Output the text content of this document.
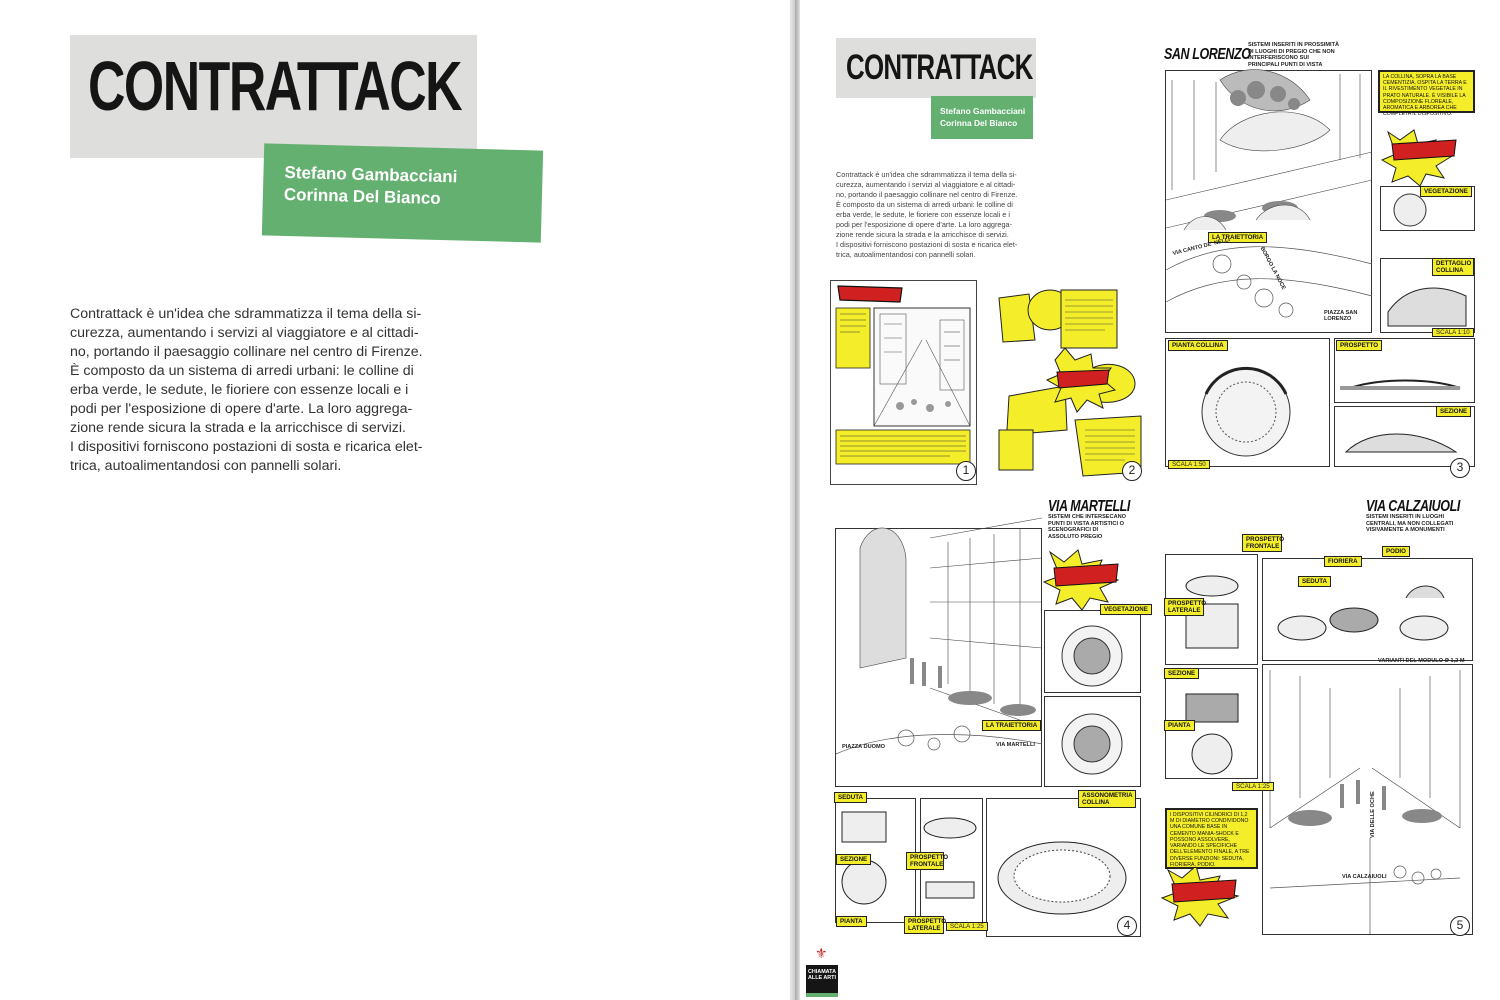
CONTRATTACK
Stefano Gambacciani
Corinna Del Bianco

Contrattack è un'idea che sdrammatizza il tema della si-

curezza, aumentando i servizi al viaggiatore e al cittadi-

no, portando il paesaggio collinare nel centro di Firenze.

È composto da un sistema di arredi urbani: le colline di

erba verde, le sedute, le fioriere con essenze locali e i

podi per l'esposizione di opere d'arte. La loro aggrega-

zione rende sicura la strada e la arricchisce di servizi.

I dispositivi forniscono postazioni di sosta e ricarica elet-

trica, autoalimentandosi con pannelli solari.

CONTRATTACK
Stefano Gambacciani
Corinna Del Bianco

Contrattack è un'idea che sdrammatizza il tema della si-

curezza, aumentando i servizi al viaggiatore e al cittadi-

no, portando il paesaggio collinare nel centro di Firenze.

È composto da un sistema di arredi urbani: le colline di

erba verde, le sedute, le fioriere con essenze locali e i

podi per l'esposizione di opere d'arte. La loro aggrega-

zione rende sicura la strada e la arricchisce di servizi.

I dispositivi forniscono postazioni di sosta e ricarica elet-

trica, autoalimentandosi con pannelli solari.

1	2
SAN LORENZO
SISTEMI INSERITI IN PROSSIMITÀ DI LUOGHI DI PREGIO CHE NON INTERFERISCONO SUI PRINCIPALI PUNTI DI VISTA
LA TRAIETTORIA
VEGETAZIONE
DETTAGLIO COLLINA
PIANTA COLLINA	PROSPETTO
SEZIONE
SCALA 1:10
SCALA 1:50
VIA CANTO DE' NELLI	BORGO LA NOCE
PIAZZA SAN LORENZO
LA COLLINA, SOPRA LA BASE CEMENTIZIA, OSPITA LA TERRA E IL RIVESTIMENTO VEGETALE IN PRATO NATURALE. È VISIBILE LA COMPOSIZIONE FLOREALE, AROMATICA E ARBOREA CHE COMPLETA IL DISPOSITIVO.
3
VIA MARTELLI
SISTEMI CHE INTERSECANO PUNTI DI VISTA ARTISTICI O SCENOGRAFICI DI ASSOLUTO PREGIO
VEGETAZIONE
LA TRAIETTORIA
SEDUTA
SEZIONE	PROSPETTO FRONTALE
PROSPETTO LATERALE
PIANTA
ASSONOMETRIA COLLINA
SCALA 1:25
PIAZZA DUOMO	VIA MARTELLI
4
VIA CALZAIUOLI
SISTEMI INSERITI IN LUOGHI CENTRALI, MA NON COLLEGATI VISIVAMENTE A MONUMENTI
PROSPETTO FRONTALE
FIORIERA
PODIO
SEDUTA
PROSPETTO LATERALE
SEZIONE
PIANTA
VARIANTI DEL MODULO Ø 1,2 M
SCALA 1:25
I DISPOSITIVI CILINDRICI DI 1,2 M DI DIAMETRO CONDIVIDONO UNA COMUNE BASE IN CEMENTO MANIA-SHOCK E POSSONO ASSOLVERE, VARIANDO LE SPECIFICHE DELL'ELEMENTO FINALE, A TRE DIVERSE FUNZIONI: SEDUTA, FIORIERA, PODIO.
VIA CALZAIUOLI
VIA DELLE OCHE
5
⚜
CHIAMATA ALLE ARTI
